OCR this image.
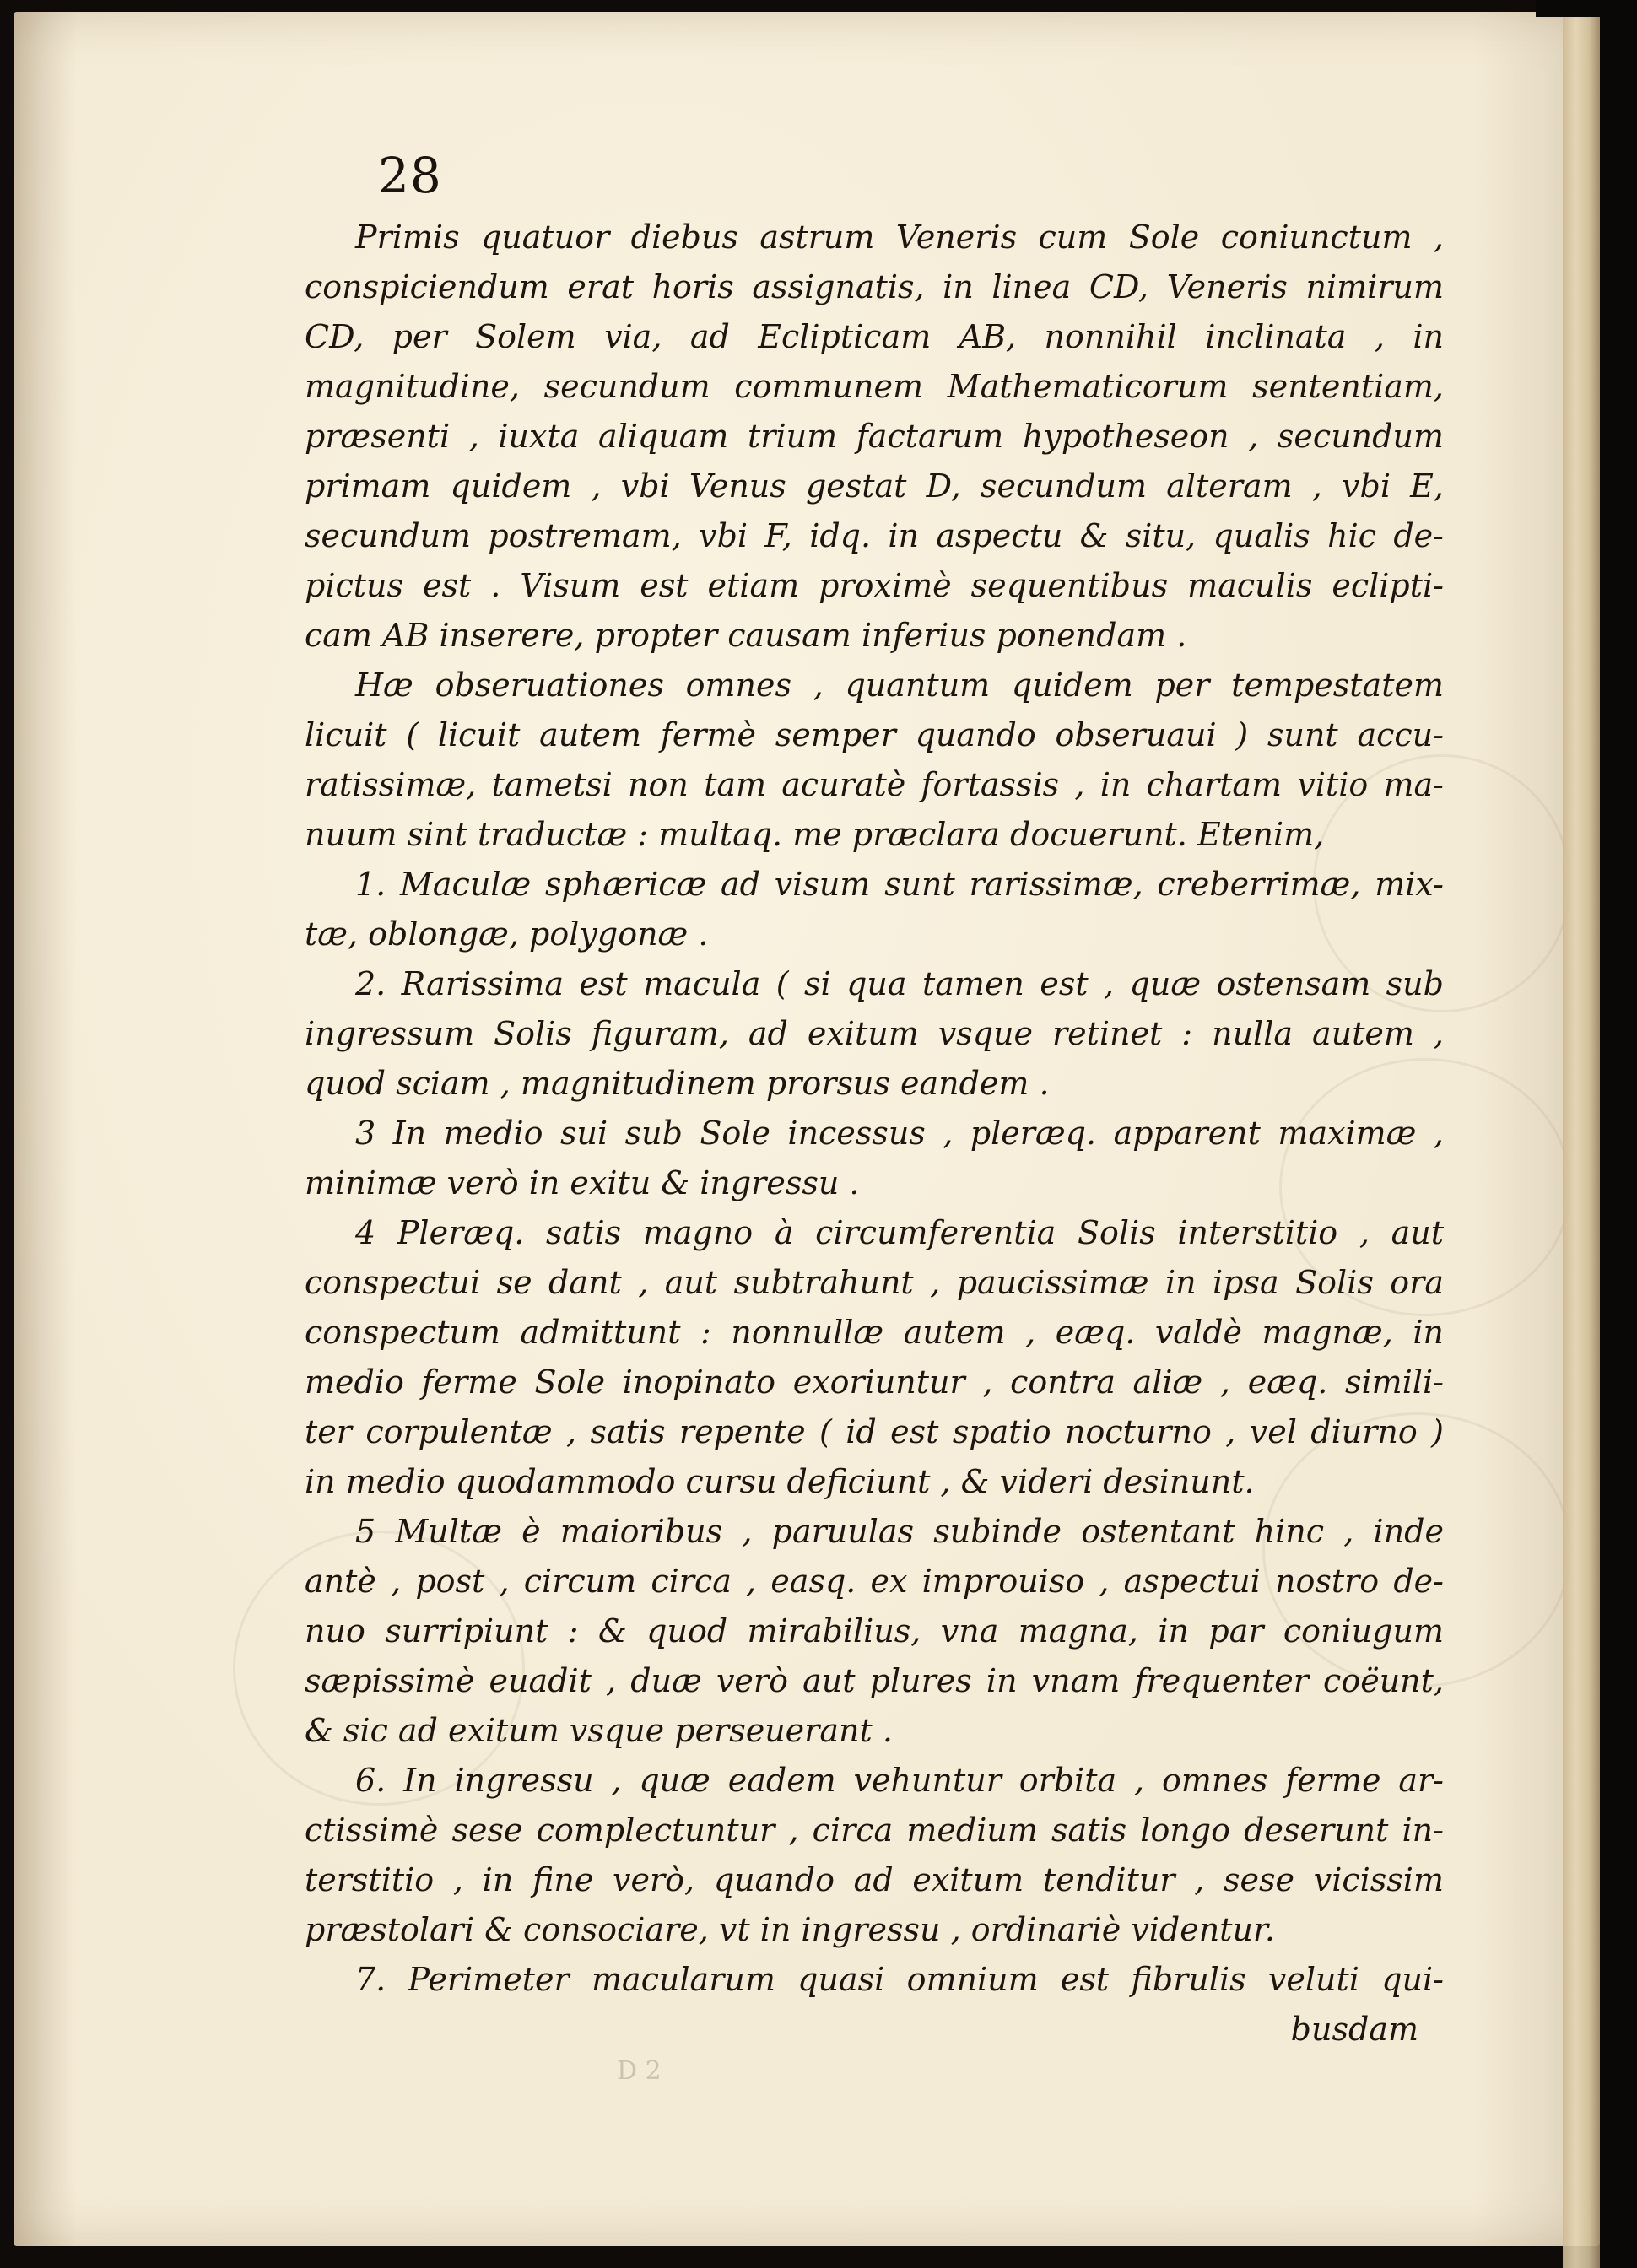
28
Primis quatuor diebus astrum Veneris cum Sole coniunctum ,
conspiciendum erat horis assignatis, in linea CD, Veneris nimirum
CD, per Solem via, ad Eclipticam AB, nonnihil inclinata , in
magnitudine, secundum communem Mathematicorum sententiam,
præsenti , iuxta aliquam trium factarum hypotheseon , secundum
primam quidem , vbi Venus gestat D, secundum alteram , vbi E,
secundum postremam, vbi F, idq. in aspectu & situ, qualis hic de-
pictus est . Visum est etiam proximè sequentibus maculis eclipti-
cam AB inserere, propter causam inferius ponendam .
Hæ obseruationes omnes , quantum quidem per tempestatem
licuit ( licuit autem fermè semper quando obseruaui ) sunt accu-
ratissimæ, tametsi non tam acuratè fortassis , in chartam vitio ma-
nuum sint traductæ : multaq. me præclara docuerunt. Etenim,
1. Maculæ sphæricæ ad visum sunt rarissimæ, creberrimæ, mix-
tæ, oblongæ, polygonæ .
2. Rarissima est macula ( si qua tamen est , quæ ostensam sub
ingressum Solis figuram, ad exitum vsque retinet : nulla autem ,
quod sciam , magnitudinem prorsus eandem .
3 In medio sui sub Sole incessus , pleræq. apparent maximæ ,
minimæ verò in exitu & ingressu .
4 Pleræq. satis magno à circumferentia Solis interstitio , aut
conspectui se dant , aut subtrahunt , paucissimæ in ipsa Solis ora
conspectum admittunt : nonnullæ autem , eæq. valdè magnæ, in
medio ferme Sole inopinato exoriuntur , contra aliæ , eæq. simili-
ter corpulentæ , satis repente ( id est spatio nocturno , vel diurno )
in medio quodammodo cursu deficiunt , & videri desinunt.
5 Multæ è maioribus , paruulas subinde ostentant hinc , inde
antè , post , circum circa , easq. ex improuiso , aspectui nostro de-
nuo surripiunt : & quod mirabilius, vna magna, in par coniugum
sæpissimè euadit , duæ verò aut plures in vnam frequenter coëunt,
& sic ad exitum vsque perseuerant .
6. In ingressu , quæ eadem vehuntur orbita , omnes ferme ar-
ctissimè sese complectuntur , circa medium satis longo deserunt in-
terstitio , in fine verò, quando ad exitum tenditur , sese vicissim
præstolari & consociare, vt in ingressu , ordinariè videntur.
7. Perimeter macularum quasi omnium est fibrulis veluti qui-
busdam
D 2
